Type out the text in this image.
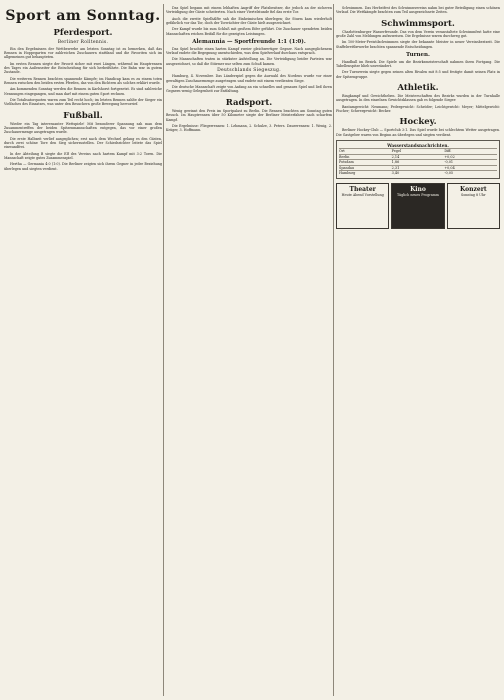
Sport am Sonntag.
Pferdesport.
Berliner Rolltennis.

Ein den Ergebnissen der Wettbewerbe am letzten Sonntag ist zu bemerken, daß das Rennen in Hoppegarten vor zahlreichen Zuschauern stattfand und die Favoriten sich im allgemeinen gut behaupteten.

Im ersten Rennen siegte der Favorit sicher mit zwei Längen, während im Hauptrennen des Tages ein Außenseiter die Entscheidung für sich herbeiführte. Die Bahn war in gutem Zustande.

Die weiteren Rennen brachten spannende Kämpfe; im Handicap kam es zu einem toten Rennen zwischen den beiden ersten Pferden, das von den Richtern als solches erklärt wurde.

Am kommenden Sonntag werden die Rennen in Karlshorst fortgesetzt. Es sind zahlreiche Nennungen eingegangen, und man darf mit einem guten Sport rechnen.

Die Totalisatorquoten waren zum Teil recht hoch; im letzten Rennen zahlte der Sieger ein Vielfaches des Einsatzes, was unter den Besuchern große Bewegung hervorrief.

Fußball.

Wieder ein Tag interessanter Wettspiele! Mit besonderer Spannung sah man dem Zusammentreffen der beiden Spitzenmannschaften entgegen, das vor einer großen Zuschauermenge ausgetragen wurde.

Die erste Halbzeit verlief ausgeglichen; erst nach dem Wechsel gelang es den Gästen, durch zwei schöne Tore den Sieg sicherzustellen. Der Schiedsrichter leitete das Spiel einwandfrei.

In der Abteilung B siegte die Elf des Vereins nach hartem Kampf mit 3:2 Toren. Die Mannschaft zeigte gutes Zusammenspiel.

Hertha — Germania 4:0 (1:0). Die Berliner zeigten sich ihrem Gegner in jeder Beziehung überlegen und siegten verdient.

Das Spiel begann mit einem lebhaften Angriff der Platzbesitzer, die jedoch an der sicheren Verteidigung der Gäste scheiterten. Nach einer Viertelstunde fiel das erste Tor.

Auch die zweite Spielhälfte sah die Einheimischen überlegen; ihr Sturm kam wiederholt gefährlich vor das Tor, doch der Torwächter der Gäste hielt ausgezeichnet.

Der Kampf wurde bis zum Schluß mit großem Eifer geführt. Die Zuschauer spendeten beiden Mannschaften reichen Beifall für die gezeigten Leistungen.

Alemannia — Sportfreunde 1:1 (1:0).

Das Spiel brachte einen harten Kampf zweier gleichwertiger Gegner. Nach ausgeglichenem Verlauf endete die Begegnung unentschieden, was dem Spielverlauf durchaus entsprach.

Die Mannschaften traten in stärkster Aufstellung an. Die Verteidigung beider Parteien war ausgezeichnet, so daß die Stürmer nur selten zum Schuß kamen.

Deutschlands Siegeszug.

Hamburg, 4. November. Das Länderspiel gegen die Auswahl des Nordens wurde vor einer gewaltigen Zuschauermenge ausgetragen und endete mit einem verdienten Siege.

Die deutsche Mannschaft zeigte von Anfang an ein schnelles und genaues Spiel und ließ ihren Gegnern wenig Gelegenheit zur Entfaltung.

Radsport.

Wenig gewinnt den Preis im Sportpalast zu Berlin. Die Rennen brachten am Sonntag guten Besuch. Im Hauptrennen über 50 Kilometer siegte der Berliner Meisterfahrer nach scharfem Kampf.

Die Ergebnisse: Fliegerrennen: 1. Lehmann, 2. Schulze, 3. Peters. Dauerrennen: 1. Wenig, 2. Krüger, 3. Hoffmann.

Schwimmen. Das Herbstfest des Schwimmvereins nahm bei guter Beteiligung einen schönen Verlauf. Die Wettkämpfe brachten zum Teil ausgezeichnete Zeiten.

Schwimmsport.

Charlottenburger Wasserfreunde. Das von dem Verein veranstaltete Schwimmfest hatte eine große Zahl von Meldungen aufzuweisen. Die Ergebnisse waren durchweg gut.

Im 100-Meter-Freistilschwimmen siegte der bekannte Meister in neuer Vereinsbestzeit. Die Staffelwettbewerbe brachten spannende Entscheidungen.

Turnen.

Handball im Bezirk. Die Spiele um die Bezirksmeisterschaft nahmen ihren Fortgang. Die Tabellenspitze blieb unverändert.

Der Turnverein siegte gegen seinen alten Rivalen mit 8:5 und festigte damit seinen Platz in der Spitzengruppe.

Athletik.

Ringkampf und Gewichtheben. Die Meisterschaften des Bezirks wurden in der Turnhalle ausgetragen. In den einzelnen Gewichtsklassen gab es folgende Sieger:

Bantamgewicht: Neumann; Federgewicht: Schröder; Leichtgewicht: Meyer; Mittelgewicht: Fischer; Schwergewicht: Becker.

Hockey.

Berliner Hockey-Club — Sportclub 3:1. Das Spiel wurde bei schlechtem Wetter ausgetragen. Die Gastgeber waren von Beginn an überlegen und siegten verdient.

Wasserstandsnachrichten.
Ort	Pegel	Diff.
Berlin	2,14	+0,02
Potsdam	1,86	-0,01
Spandau	2,31	+0,04
Hamburg	3,40	-0,05
Theater
Heute Abend Vorstellung
Kino
Täglich neues Programm
Konzert
Sonntag 8 Uhr
